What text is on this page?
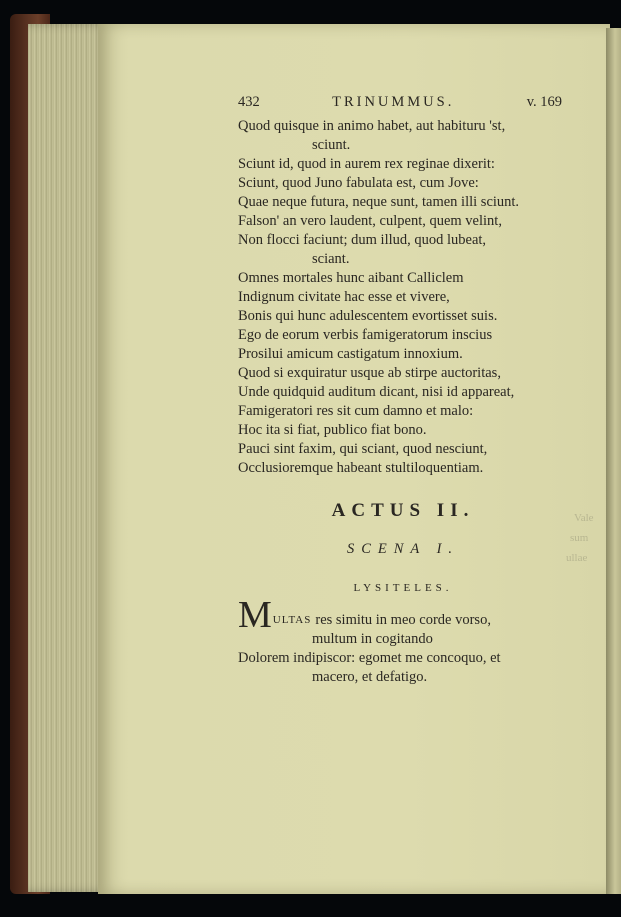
432	TRINUMMUS.	v. 169
Quod quisque in animo habet, aut habituru 'st,
sciunt.
Sciunt id, quod in aurem rex reginae dixerit:
Sciunt, quod Juno fabulata est, cum Jove:
Quae neque futura, neque sunt, tamen illi sciunt.
Falson' an vero laudent, culpent, quem velint,
Non flocci faciunt; dum illud, quod lubeat,
sciant.
Omnes mortales hunc aibant Calliclem
Indignum civitate hac esse et vivere,
Bonis qui hunc adulescentem evortisset suis.
Ego de eorum verbis famigeratorum inscius
Prosilui amicum castigatum innoxium.
Quod si exquiratur usque ab stirpe auctoritas,
Unde quidquid auditum dicant, nisi id appareat,
Famigeratori res sit cum damno et malo:
Hoc ita si fiat, publico fiat bono.
Pauci sint faxim, qui sciant, quod nesciunt,
Occlusioremque habeant stultiloquentiam.
ACTUS II.
SCENA I.
LYSITELES.
M ULTAS res simitu in meo corde vorso,
multum in cogitando
Dolorem indipiscor: egomet me concoquo, et
macero, et defatigo.
Vale
sum
ullae
